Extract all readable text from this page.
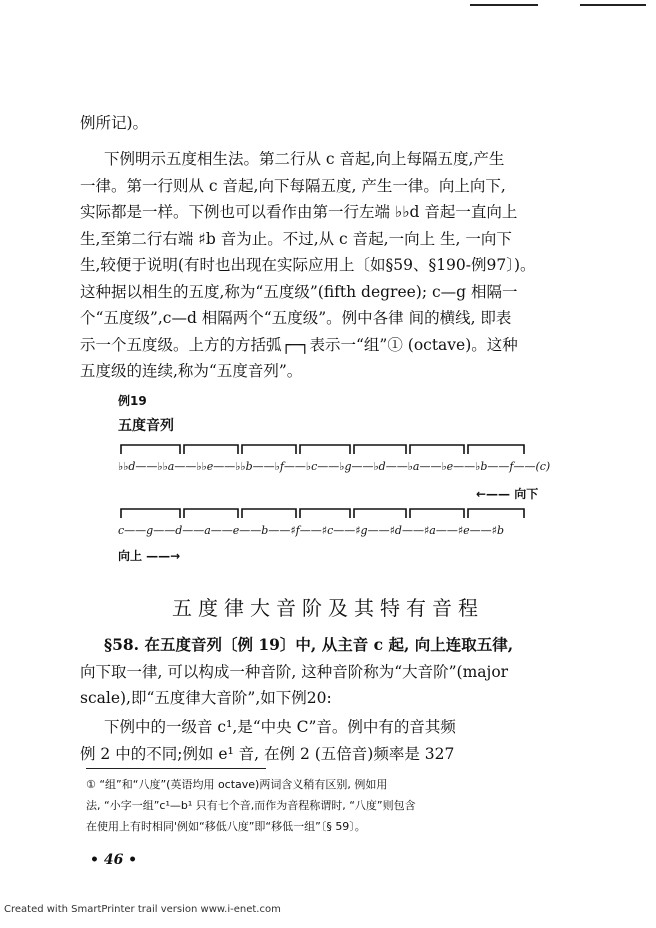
例所记)。

下例明示五度相生法。第二行从 c 音起,向上每隔五度,产生
一律。第一行则从 c 音起,向下每隔五度, 产生一律。向上向下,
实际都是一样。下例也可以看作由第一行左端 ♭♭d 音起一直向上
生,至第二行右端 ♯b 音为止。不过,从 c 音起,一向上 生, 一向下
生,较便于说明(有时也出现在实际应用上〔如§59、§190-例97〕)。
这种据以相生的五度,称为“五度级”(fifth degree); c—g 相隔一
个“五度级”,c—d 相隔两个“五度级”。例中各律 间的横线, 即表
示一个五度级。上方的方括弧┌─┐表示一“组”① (octave)。这种
五度级的连续,称为“五度音列”。
例19
五度音列
♭♭d——♭♭a——♭♭e——♭♭b——♭f——♭c——♭g——♭d——♭a——♭e——♭b——f——(c)
←—— 向下
c——g——d——a——e——b——♯f——♯c——♯g——♯d——♯a——♯e——♯b
向上 ——→
五度律大音阶及其特有音程
§58. 在五度音列〔例 19〕中, 从主音 c 起, 向上连取五律,
向下取一律, 可以构成一种音阶, 这种音阶称为“大音阶”(major
scale),即“五度律大音阶”,如下例20:
下例中的一级音 c¹,是“中央 C”音。例中有的音其频
例 2 中的不同;例如 e¹ 音, 在例 2 (五倍音)频率是 327
① “组”和“八度”(英语均用 octave)两词含义稍有区别, 例如用
法, “小字一组”c¹—b¹ 只有七个音,而作为音程称谓时, “八度”则包含
在使用上有时相同'例如“移低八度”即“移低一组”〔§ 59〕。
• 46 •
Created with SmartPrinter trail version www.i-enet.com
